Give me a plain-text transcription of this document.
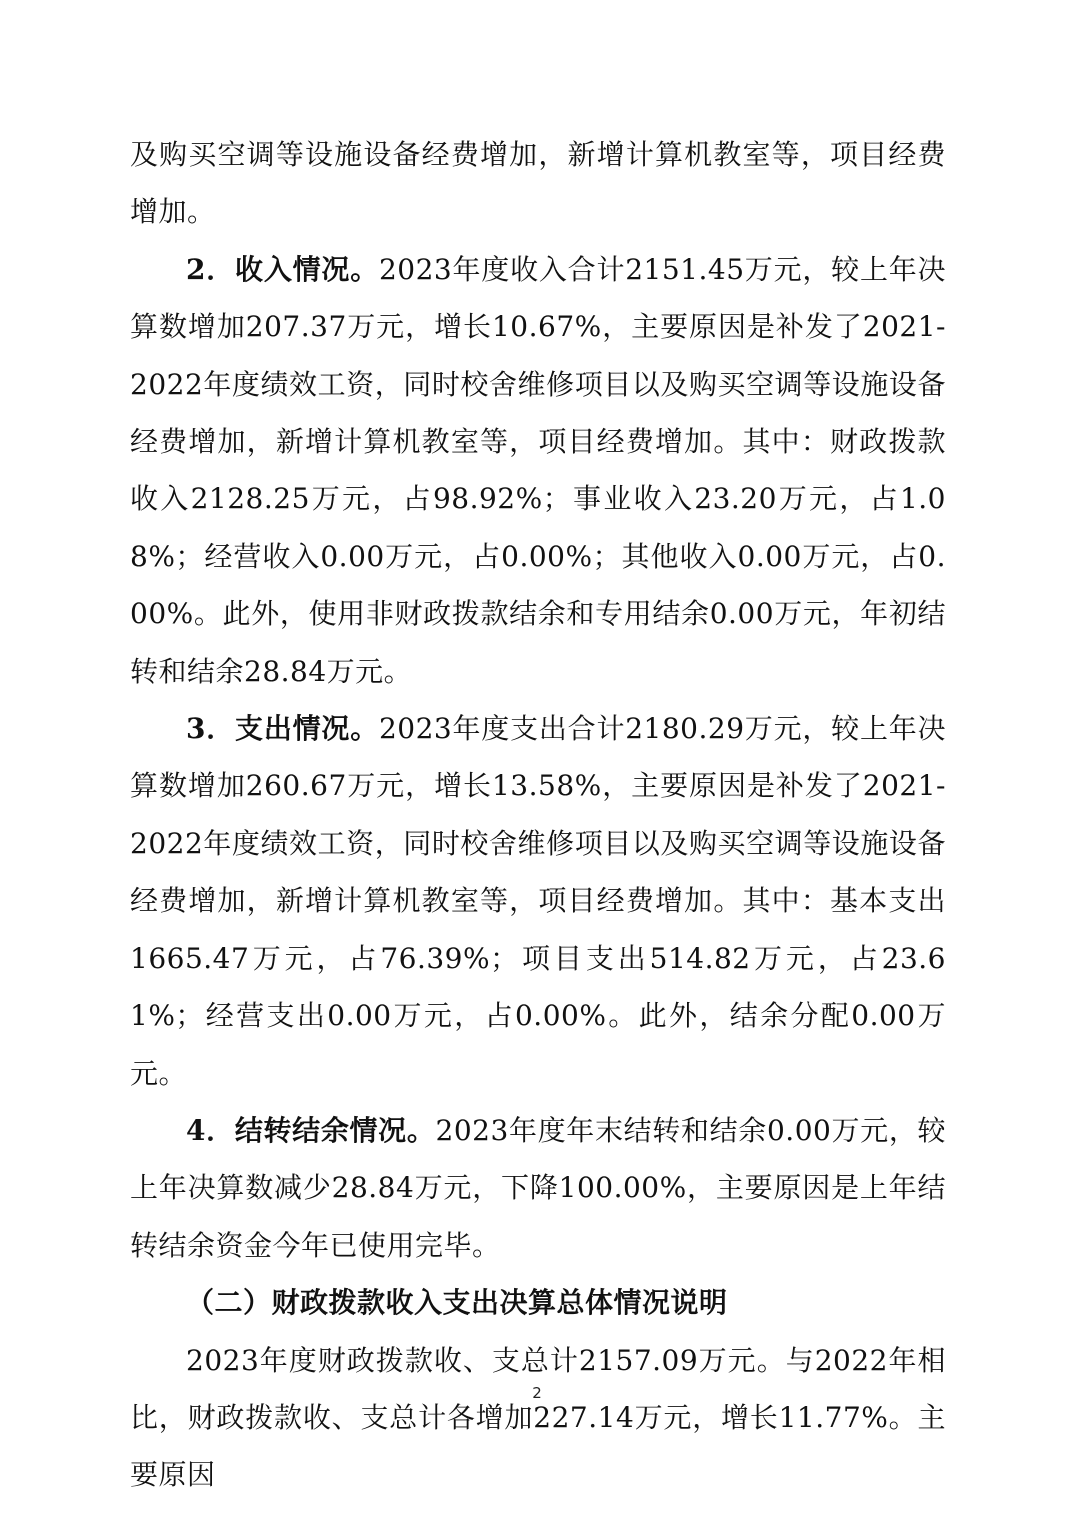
及购买空调等设施设备经费增加，新增计算机教室等，项目经费增加。

2．收入情况。2023年度收入合计2151.45万元，较上年决算数增加207.37万元，增长10.67%，主要原因是补发了2021-2022年度绩效工资，同时校舍维修项目以及购买空调等设施设备经费增加，新增计算机教室等，项目经费增加。其中：财政拨款收入2128.25万元，占98.92%；事业收入23.20万元，占1.08%；经营收入0.00万元，占0.00%；其他收入0.00万元，占0.00%。此外，使用非财政拨款结余和专用结余0.00万元，年初结转和结余28.84万元。

3．支出情况。2023年度支出合计2180.29万元，较上年决算数增加260.67万元，增长13.58%，主要原因是补发了2021-2022年度绩效工资，同时校舍维修项目以及购买空调等设施设备经费增加，新增计算机教室等，项目经费增加。其中：基本支出1665.47万元，占76.39%；项目支出514.82万元，占23.61%；经营支出0.00万元，占0.00%。此外，结余分配0.00万元。

4．结转结余情况。2023年度年末结转和结余0.00万元，较上年决算数减少28.84万元，下降100.00%，主要原因是上年结转结余资金今年已使用完毕。

（二）财政拨款收入支出决算总体情况说明

2023年度财政拨款收、支总计2157.09万元。与2022年相比，财政拨款收、支总计各增加227.14万元，增长11.77%。主要原因

2
